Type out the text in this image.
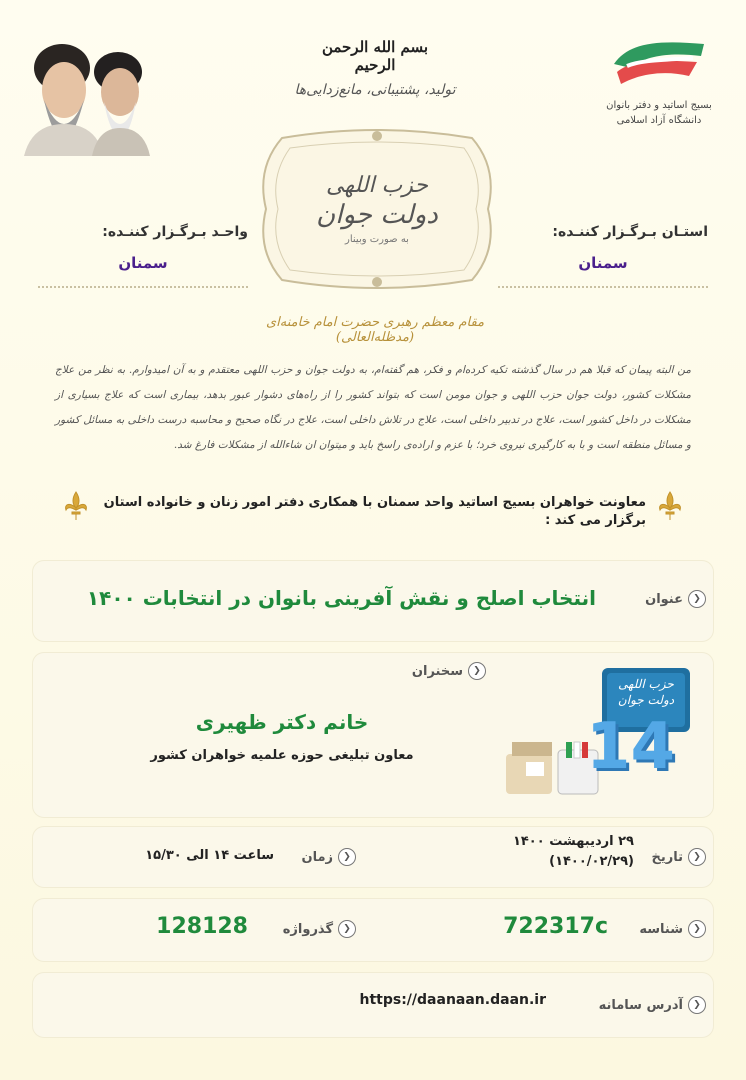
بسیج اساتید و دفتر بانوان دانشگاه آزاد اسلامی
بسم الله الرحمن الرحیم
تولید، پشتیبانی، مانع‌زدایی‌ها
حزب اللهی
دولت جوان
به صورت وبینار
مقام معظم رهبری حضرت امام خامنه‌ای (مدظله‌العالی)
استـان بـرگـزار کننـده:
سمنان
واحـد بـرگـزار کننـده:
سمنان
من البته پیمان که قبلا هم در سال گذشته تکیه کرده‌ام و فکر، هم گفته‌ام، به دولت جوان و حزب اللهی معتقدم و به آن امیدوارم. به نظر من علاج مشکلات کشور، دولت جوان حزب اللهی و جوان مومن است که بتواند کشور را از راه‌های دشوار عبور بدهد، بیماری است که علاج بسیاری از مشکلات در داخل کشور است، علاج در تدبیر داخلی است، علاج در تلاش داخلی است، علاج در نگاه صحیح و محاسبه درست داخلی به مسائل کشور و مسائل منطقه است و با به کارگیری نیروی خرد؛ با عزم و اراده‌ی راسخ باید و میتوان ان شاء‌الله از مشکلات فارغ شد.
معاونت خواهران بسیج اساتید واحد سمنان با همکاری دفتر امور زنان و خانواده استان برگزار می کند :
❮
عنوان
انتخاب اصلح و نقش آفرینی بانوان در انتخابات ۱۴۰۰
❮
سخنران
خانم دکتر ظهیری
معاون تبلیغی حوزه علمیه خواهران کشور
حزب اللهی
دولت جوان
14
❮
تاریخ
۲۹ اردیبهشت ۱۴۰۰
(۱۴۰۰/۰۲/۲۹)
❮
زمان
ساعت ۱۴ الی ۱۵/۳۰
❮
شناسه
722317c
❮
گذرواژه
128128
❮
آدرس سامانه
https://daanaan.daan.ir
